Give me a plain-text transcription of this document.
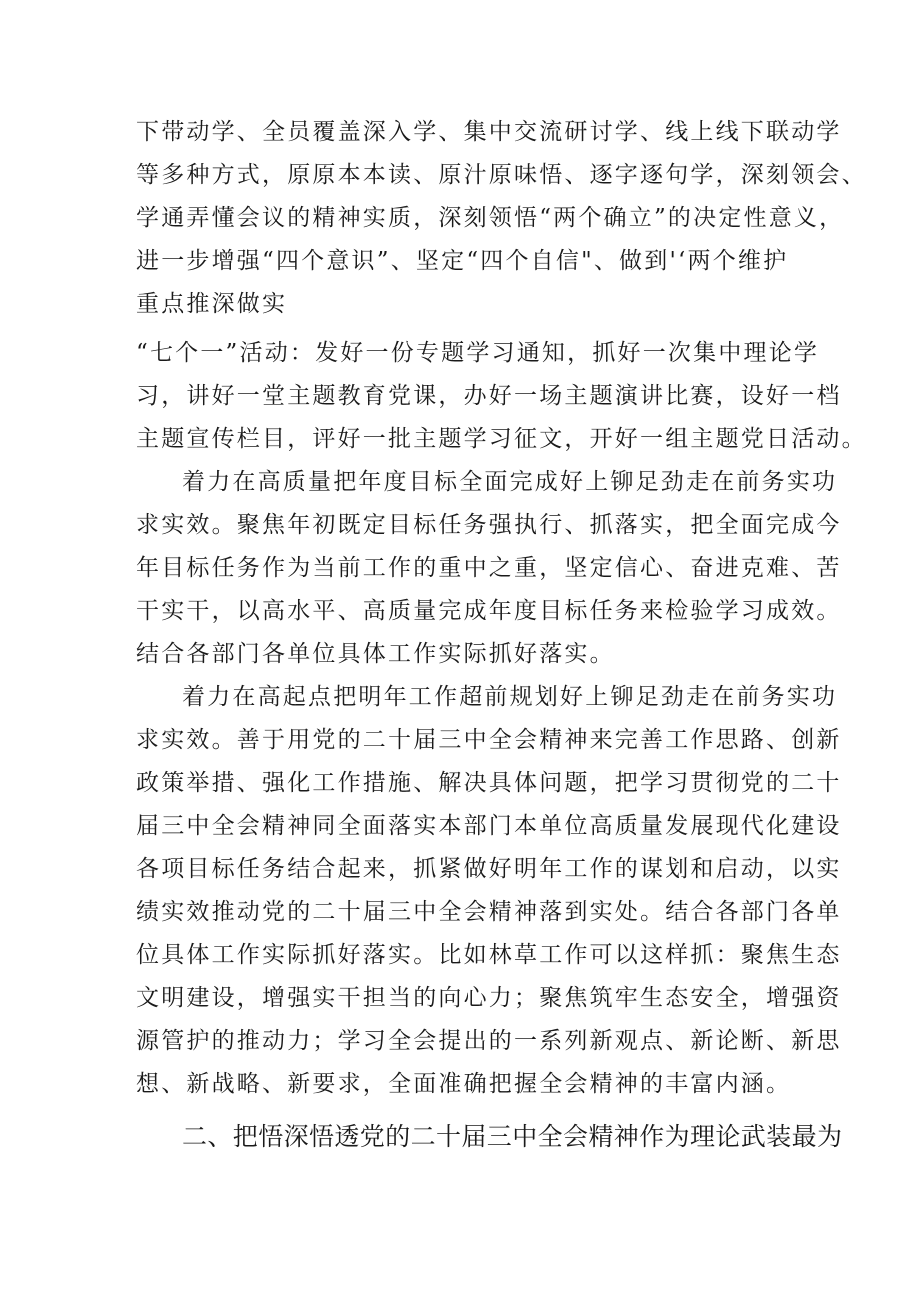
下带动学、全员覆盖深入学、集中交流研讨学、线上线下联动学
等多种方式，原原本本读、原汁原味悟、逐字逐句学，深刻领会、
学通弄懂会议的精神实质，深刻领悟“两个确立”的决定性意义，
进一步增强“四个意识”、坚定“四个自信"、做到'‘两个维护
重点推深做实
“七个一”活动：发好一份专题学习通知，抓好一次集中理论学
习，讲好一堂主题教育党课，办好一场主题演讲比赛，设好一档
主题宣传栏目，评好一批主题学习征文，开好一组主题党日活动。
着力在高质量把年度目标全面完成好上铆足劲走在前务实功
求实效。聚焦年初既定目标任务强执行、抓落实，把全面完成今
年目标任务作为当前工作的重中之重，坚定信心、奋进克难、苦
干实干，以高水平、高质量完成年度目标任务来检验学习成效。
结合各部门各单位具体工作实际抓好落实。
着力在高起点把明年工作超前规划好上铆足劲走在前务实功
求实效。善于用党的二十届三中全会精神来完善工作思路、创新
政策举措、强化工作措施、解决具体问题，把学习贯彻党的二十
届三中全会精神同全面落实本部门本单位高质量发展现代化建设
各项目标任务结合起来，抓紧做好明年工作的谋划和启动，以实
绩实效推动党的二十届三中全会精神落到实处。结合各部门各单
位具体工作实际抓好落实。比如林草工作可以这样抓：聚焦生态
文明建设，增强实干担当的向心力；聚焦筑牢生态安全，增强资
源管护的推动力；学习全会提出的一系列新观点、新论断、新思
想、新战略、新要求，全面准确把握全会精神的丰富内涵。
二、把悟深悟透党的二十届三中全会精神作为理论武装最为
